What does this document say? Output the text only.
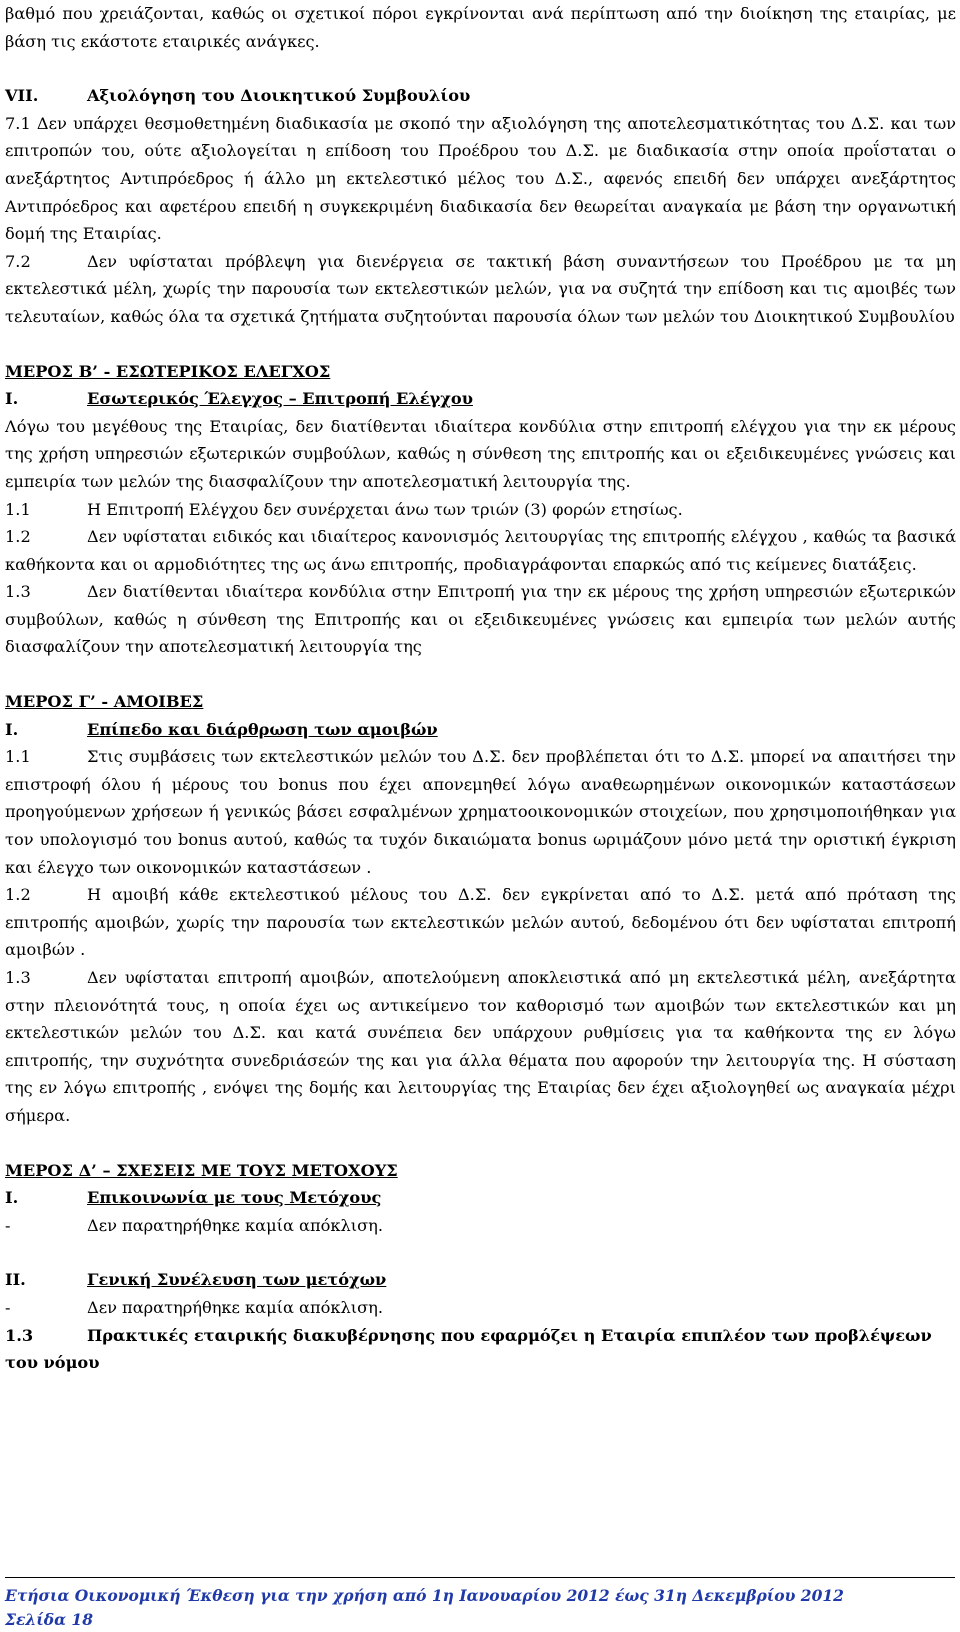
βαθμό που χρειάζονται, καθώς οι σχετικοί πόροι εγκρίνονται ανά περίπτωση από την διοίκηση της εταιρίας, με βάση τις εκάστοτε εταιρικές ανάγκες.

VII.	Αξιολόγηση του Διοικητικού Συμβουλίου

7.1 Δεν υπάρχει θεσμοθετημένη διαδικασία με σκοπό την αξιολόγηση της αποτελεσματικότητας του Δ.Σ. και των επιτροπών του, ούτε αξιολογείται η επίδοση του Προέδρου του Δ.Σ. με διαδικασία στην οποία προΐσταται ο ανεξάρτητος Αντιπρόεδρος ή άλλο μη εκτελεστικό μέλος του Δ.Σ., αφενός επειδή δεν υπάρχει ανεξάρτητος Αντιπρόεδρος και αφετέρου επειδή η συγκεκριμένη διαδικασία δεν θεωρείται αναγκαία με βάση την οργανωτική δομή της Εταιρίας.

7.2	Δεν υφίσταται πρόβλεψη για διενέργεια σε τακτική βάση συναντήσεων του Προέδρου με τα μη εκτελεστικά μέλη, χωρίς την παρουσία των εκτελεστικών μελών, για να συζητά την επίδοση και τις αμοιβές των τελευταίων, καθώς όλα τα σχετικά ζητήματα συζητούνται παρουσία όλων των μελών του Διοικητικού Συμβουλίου

ΜΕΡΟΣ Β’ - ΕΣΩΤΕΡΙΚΟΣ ΕΛΕΓΧΟΣ

I.	Εσωτερικός Έλεγχος – Επιτροπή Ελέγχου

Λόγω του μεγέθους της Εταιρίας, δεν διατίθενται ιδιαίτερα κονδύλια στην επιτροπή ελέγχου για την εκ μέρους της χρήση υπηρεσιών εξωτερικών συμβούλων, καθώς η σύνθεση της επιτροπής και οι εξειδικευμένες γνώσεις και εμπειρία των μελών της διασφαλίζουν την αποτελεσματική λειτουργία της.

1.1	Η Επιτροπή Ελέγχου δεν συνέρχεται άνω των τριών (3) φορών ετησίως.

1.2	Δεν υφίσταται ειδικός και ιδιαίτερος κανονισμός λειτουργίας της επιτροπής ελέγχου , καθώς τα βασικά καθήκοντα και οι αρμοδιότητες της ως άνω επιτροπής, προδιαγράφονται επαρκώς από τις κείμενες διατάξεις.

1.3	Δεν διατίθενται ιδιαίτερα κονδύλια στην Επιτροπή για την εκ μέρους της χρήση υπηρεσιών εξωτερικών συμβούλων, καθώς η σύνθεση της Επιτροπής και οι εξειδικευμένες γνώσεις και εμπειρία των μελών αυτής διασφαλίζουν την αποτελεσματική λειτουργία της

ΜΕΡΟΣ Γ’ - ΑΜΟΙΒΕΣ

I.	Επίπεδο και διάρθρωση των αμοιβών

1.1	Στις συμβάσεις των εκτελεστικών μελών του Δ.Σ. δεν προβλέπεται ότι το Δ.Σ. μπορεί να απαιτήσει την επιστροφή όλου ή μέρους του bonus που έχει απονεμηθεί λόγω αναθεωρημένων οικονομικών καταστάσεων προηγούμενων χρήσεων ή γενικώς βάσει εσφαλμένων χρηματοοικονομικών στοιχείων, που χρησιμοποιήθηκαν για τον υπολογισμό του bonus αυτού, καθώς τα τυχόν δικαιώματα bonus ωριμάζουν μόνο μετά την οριστική έγκριση και έλεγχο των οικονομικών καταστάσεων .

1.2	Η αμοιβή κάθε εκτελεστικού μέλους του Δ.Σ. δεν εγκρίνεται από το Δ.Σ. μετά από πρόταση της επιτροπής αμοιβών, χωρίς την παρουσία των εκτελεστικών μελών αυτού, δεδομένου ότι δεν υφίσταται επιτροπή αμοιβών .

1.3	Δεν υφίσταται επιτροπή αμοιβών, αποτελούμενη αποκλειστικά από μη εκτελεστικά μέλη, ανεξάρτητα στην πλειονότητά τους, η οποία έχει ως αντικείμενο τον καθορισμό των αμοιβών των εκτελεστικών και μη εκτελεστικών μελών του Δ.Σ. και κατά συνέπεια δεν υπάρχουν ρυθμίσεις για τα καθήκοντα της εν λόγω επιτροπής, την συχνότητα συνεδριάσεών της και για άλλα θέματα που αφορούν την λειτουργία της. Η σύσταση της εν λόγω επιτροπής , ενόψει της δομής και λειτουργίας της Εταιρίας δεν έχει αξιολογηθεί ως αναγκαία μέχρι σήμερα.

ΜΕΡΟΣ Δ’ – ΣΧΕΣΕΙΣ ΜΕ ΤΟΥΣ ΜΕΤΟΧΟΥΣ

I.	Επικοινωνία με τους Μετόχους

-	Δεν παρατηρήθηκε καμία απόκλιση.

II.	Γενική Συνέλευση των μετόχων

-	Δεν παρατηρήθηκε καμία απόκλιση.

1.3	Πρακτικές εταιρικής διακυβέρνησης που εφαρμόζει η Εταιρία επιπλέον των προβλέψεων

του νόμου

Ετήσια Οικονομική Έκθεση για την χρήση από 1η Ιανουαρίου 2012 έως 31η Δεκεμβρίου 2012
Σελίδα 18
